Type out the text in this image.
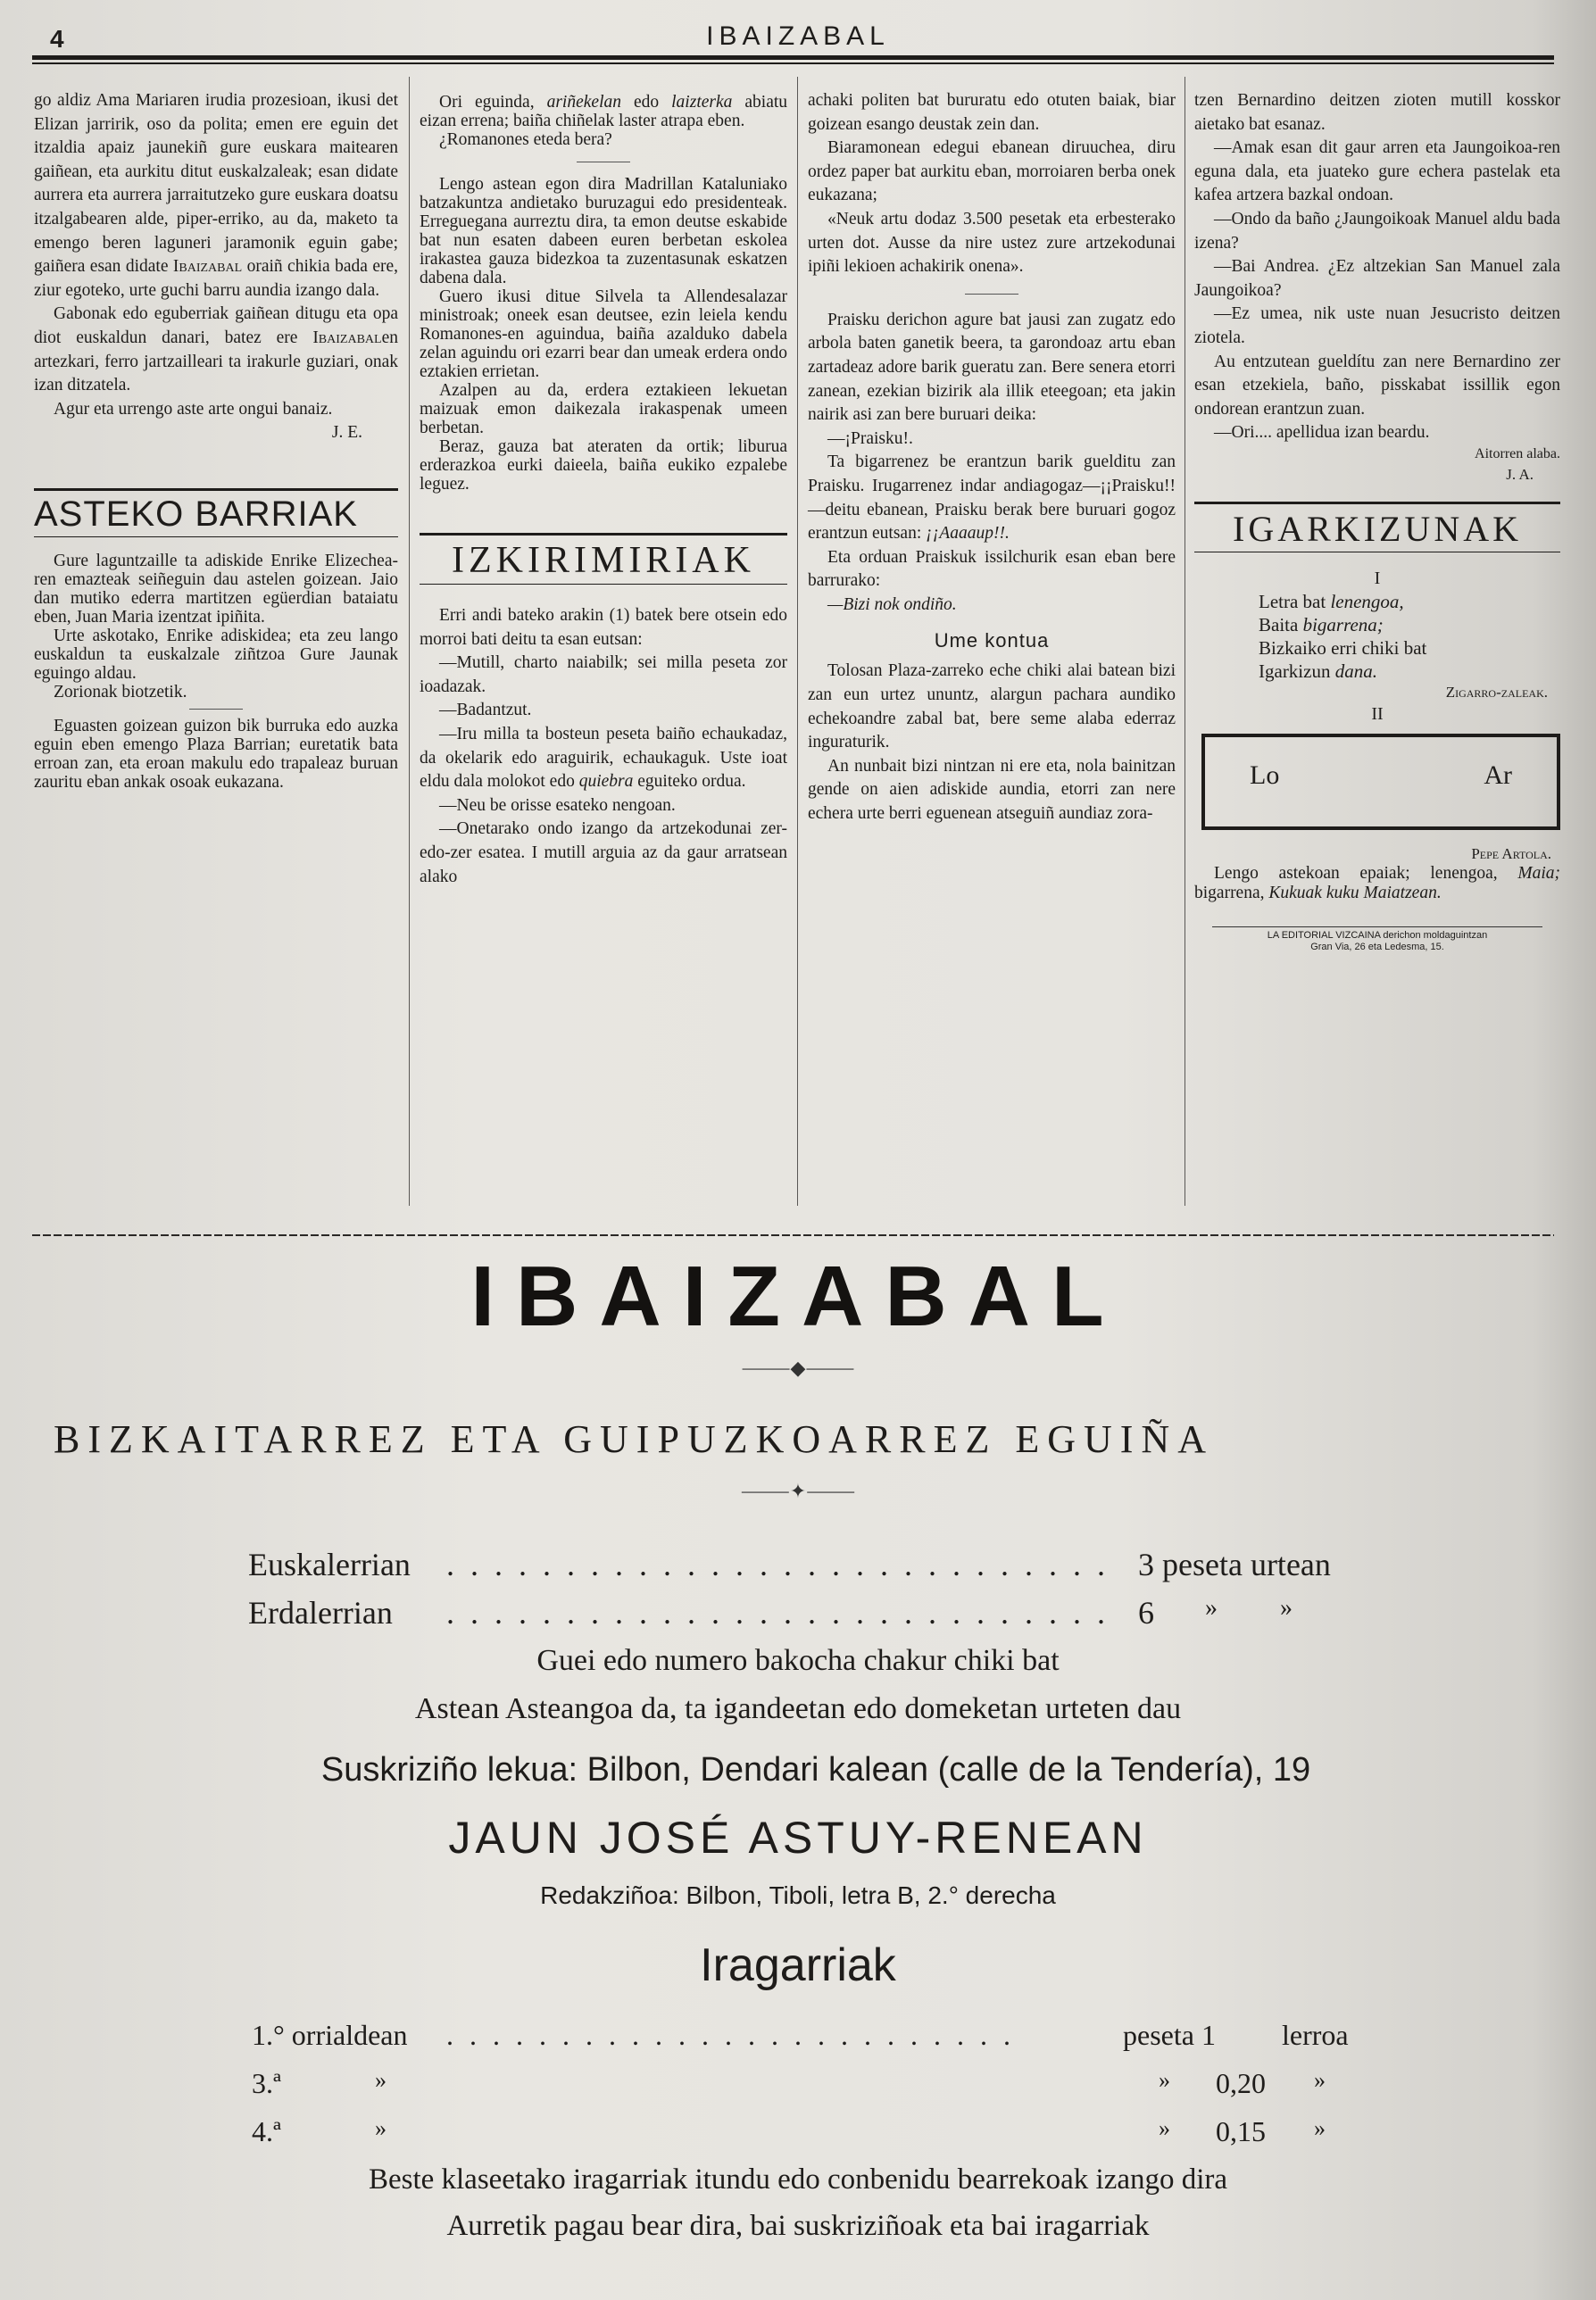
4	IBAIZABAL

go aldiz Ama Mariaren irudia prozesioan, ikusi det Elizan jarririk, oso da polita; emen ere eguin det itzaldia apaiz jaunekiñ gure euskara maitearen gaiñean, eta aurkitu ditut euskalzaleak; esan didate aurrera eta aurrera jarraitutzeko gure euskara doatsu itzalgabearen alde, piper-erriko, au da, maketo ta emengo beren laguneri jaramonik eguin gabe; gaiñera esan didate Ibaizabal oraiñ chikia bada ere, ziur egoteko, urte guchi barru aundia izango dala.

Gabonak edo eguberriak gaiñean ditugu eta opa diot euskaldun danari, batez ere Ibaizabalen artezkari, ferro jartzailleari ta irakurle guziari, onak izan ditzatela.

Agur eta urrengo aste arte ongui banaiz.

J. E.

ASTEKO BARRIAK

Gure laguntzaille ta adiskide Enrike Elizechea-ren emazteak seiñeguin dau astelen goizean. Jaio dan mutiko ederra martitzen egüerdian bataiatu eben, Juan Maria izentzat ipiñita.

Urte askotako, Enrike adiskidea; eta zeu lango euskaldun ta euskalzale ziñtzoa Gure Jaunak eguingo aldau.

Zorionak biotzetik.

Eguasten goizean guizon bik burruka edo auzka eguin eben emengo Plaza Barrian; euretatik bata erroan zan, eta eroan makulu edo trapaleaz buruan zauritu eban ankak osoak eukazana.

Ori eguinda, ariñekelan edo laizterka abiatu eizan errena; baiña chiñelak laster atrapa eben.

¿Romanones eteda bera?

Lengo astean egon dira Madrillan Kataluniako batzakuntza andietako buruzagui edo presidenteak. Erreguegana aurreztu dira, ta emon deutse eskabide bat nun esaten dabeen euren berbetan eskolea irakastea gauza bidezkoa ta zuzentasunak eskatzen dabena dala.

Guero ikusi ditue Silvela ta Allendesalazar ministroak; oneek esan deutsee, ezin leiela kendu Romanones-en aguindua, baiña azalduko dabela zelan aguindu ori ezarri bear dan umeak erdera ondo eztakien errietan.

Azalpen au da, erdera eztakieen lekuetan maizuak emon daikezala irakaspenak umeen berbetan.

Beraz, gauza bat ateraten da ortik; liburua erderazkoa eurki daieela, baiña eukiko ezpalebe leguez.

IZKIRIMIRIAK

Erri andi bateko arakin (1) batek bere otsein edo morroi bati deitu ta esan eutsan:

—Mutill, charto naiabilk; sei milla peseta zor ioadazak.

—Badantzut.

—Iru milla ta bosteun peseta baiño echaukadaz, da okelarik edo araguirik, echaukaguk. Uste ioat eldu dala molokot edo quiebra eguiteko ordua.

—Neu be orisse esateko nengoan.

—Onetarako ondo izango da artzekodunai zer-edo-zer esatea. I mutill arguia az da gaur arratsean alako

achaki politen bat bururatu edo otuten baiak, biar goizean esango deustak zein dan.

Biaramonean edegui ebanean diruuchea, diru ordez paper bat aurkitu eban, morroiaren berba onek eukazana;

«Neuk artu dodaz 3.500 pesetak eta erbesterako urten dot. Ausse da nire ustez zure artzekodunai ipiñi lekioen achakirik onena».

Praisku derichon agure bat jausi zan zugatz edo arbola baten ganetik beera, ta garondoaz artu eban zartadeaz adore barik gueratu zan. Bere senera etorri zanean, ezekian bizirik ala illik eteegoan; eta jakin nairik asi zan bere buruari deika:

—¡Praisku!.

Ta bigarrenez be erantzun barik guelditu zan Praisku. Irugarrenez indar andiagogaz—¡¡Praisku!!—deitu ebanean, Praisku berak bere buruari gogoz erantzun eutsan: ¡¡Aaaaup!!.

Eta orduan Praiskuk issilchurik esan eban bere barrurako:

—Bizi nok ondiño.

Ume kontua

Tolosan Plaza-zarreko eche chiki alai batean bizi zan eun urtez ununtz, alargun pachara aundiko echekoandre zabal bat, bere seme alaba ederraz inguraturik.

An nunbait bizi nintzan ni ere eta, nola bainitzan gende on aien adiskide aundia, etorri zan nere echera urte berri eguenean atseguiñ aundiaz zora-

tzen Bernardino deitzen zioten mutill kosskor aietako bat esanaz.

—Amak esan dit gaur arren eta Jaungoikoa-ren eguna dala, eta juateko gure echera pastelak eta kafea artzera bazkal ondoan.

—Ondo da baño ¿Jaungoikoak Manuel aldu bada izena?

—Bai Andrea. ¿Ez altzekian San Manuel zala Jaungoikoa?

—Ez umea, nik uste nuan Jesucristo deitzen ziotela.

Au entzutean gueldítu zan nere Bernardino zer esan etzekiela, baño, pisskabat issillik egon ondorean erantzun zuan.

—Ori.... apellidua izan beardu.

Aitorren alaba.

J. A.

IGARKIZUNAK
I
Letra bat lenengoa,
Baita bigarrena;
Bizkaiko erri chiki bat
Igarkizun dana.

Zigarro-zaleak.

II
Lo	Ar

Pepe Artola.

Lengo astekoan epaiak; lenengoa, Maia; bigarrena, Kukuak kuku Maiatzean.

LA EDITORIAL VIZCAINA derichon moldaguintzan
Gran Via, 26 eta Ledesma, 15.
IBAIZABAL
⸻◆⸻
BIZKAITARREZ ETA GUIPUZKOARREZ EGUIÑA
⸻✦⸻
Euskalerrian ............................ 3 peseta urtean
Erdalerrian ............................ 6 »          »
Guei edo numero bakocha chakur chiki bat
Astean Asteangoa da, ta igandeetan edo domeketan urteten dau
Suskriziño lekua: Bilbon, Dendari kalean (calle de la Tendería), 19
JAUN JOSÉ ASTUY-RENEAN
Redakziñoa: Bilbon, Tiboli, letra B, 2.° derecha
Iragarriak
1.° orrialdean .........................	peseta 1 lerroa
3.ª	»	» 0,20 »
4.ª	»	» 0,15 »
Beste klaseetako iragarriak itundu edo conbenidu bearrekoak izango dira
Aurretik pagau bear dira, bai suskriziñoak eta bai iragarriak
